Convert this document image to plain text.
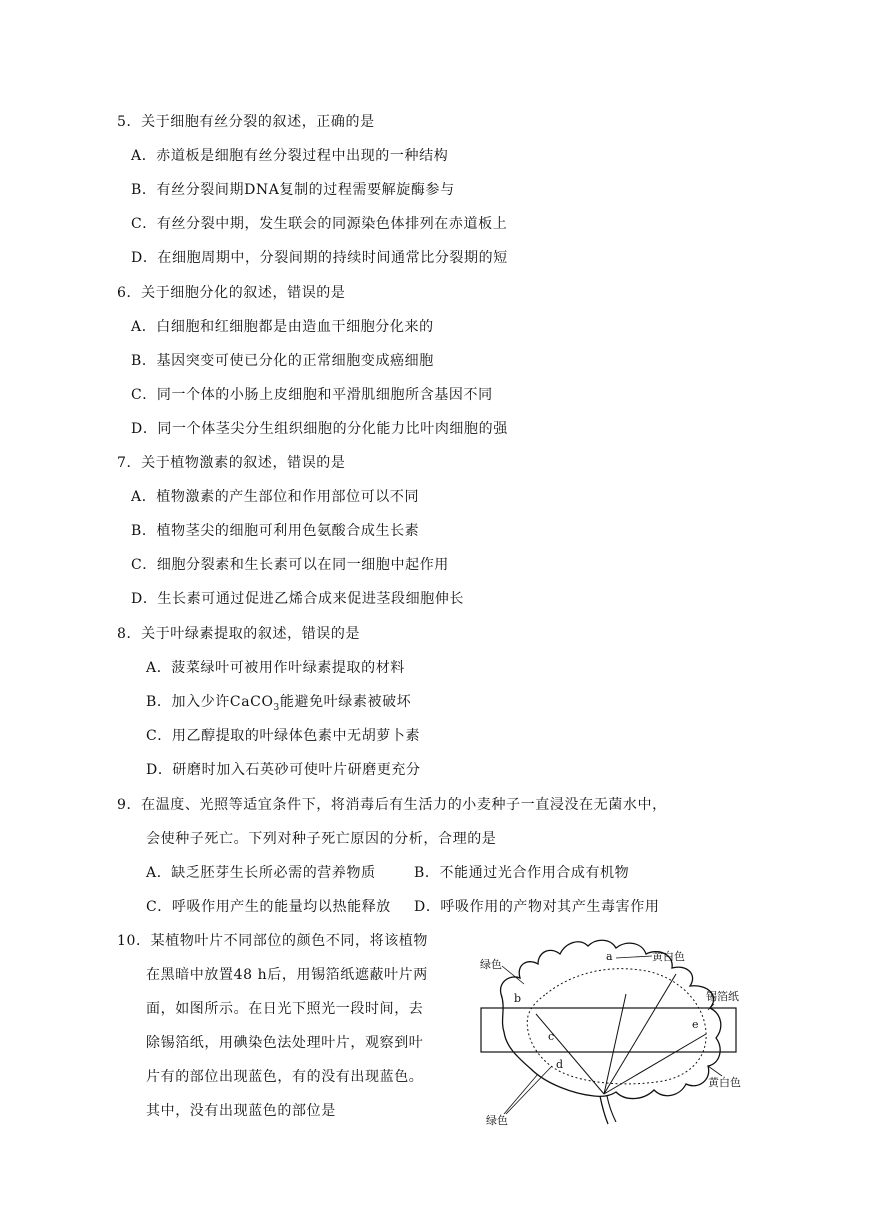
5．关于细胞有丝分裂的叙述，正确的是
A．赤道板是细胞有丝分裂过程中出现的一种结构
B．有丝分裂间期DNA复制的过程需要解旋酶参与
C．有丝分裂中期，发生联会的同源染色体排列在赤道板上
D．在细胞周期中，分裂间期的持续时间通常比分裂期的短
6．关于细胞分化的叙述，错误的是
A．白细胞和红细胞都是由造血干细胞分化来的
B．基因突变可使已分化的正常细胞变成癌细胞
C．同一个体的小肠上皮细胞和平滑肌细胞所含基因不同
D．同一个体茎尖分生组织细胞的分化能力比叶肉细胞的强
7．关于植物激素的叙述，错误的是
A．植物激素的产生部位和作用部位可以不同
B．植物茎尖的细胞可利用色氨酸合成生长素
C．细胞分裂素和生长素可以在同一细胞中起作用
D．生长素可通过促进乙烯合成来促进茎段细胞伸长
8．关于叶绿素提取的叙述，错误的是
A．菠菜绿叶可被用作叶绿素提取的材料
B．加入少许CaCO$_3$能避免叶绿素被破坏
C．用乙醇提取的叶绿体色素中无胡萝卜素
D．研磨时加入石英砂可使叶片研磨更充分
9．在温度、光照等适宜条件下，将消毒后有生活力的小麦种子一直浸没在无菌水中，
会使种子死亡。下列对种子死亡原因的分析，合理的是
A．缺乏胚芽生长所必需的营养物质	B．不能通过光合作用合成有机物
C．呼吸作用产生的能量均以热能释放 D．呼吸作用的产物对其产生毒害作用
10．某植物叶片不同部位的颜色不同，将该植物
在黑暗中放置48 h后，用锡箔纸遮蔽叶片两
面，如图所示。在日光下照光一段时间，去
除锡箔纸，用碘染色法处理叶片，观察到叶
片有的部位出现蓝色，有的没有出现蓝色。
其中，没有出现蓝色的部位是
绿色
黄白色
锡箔纸
黄白色
绿色
a
b
c
d
e
